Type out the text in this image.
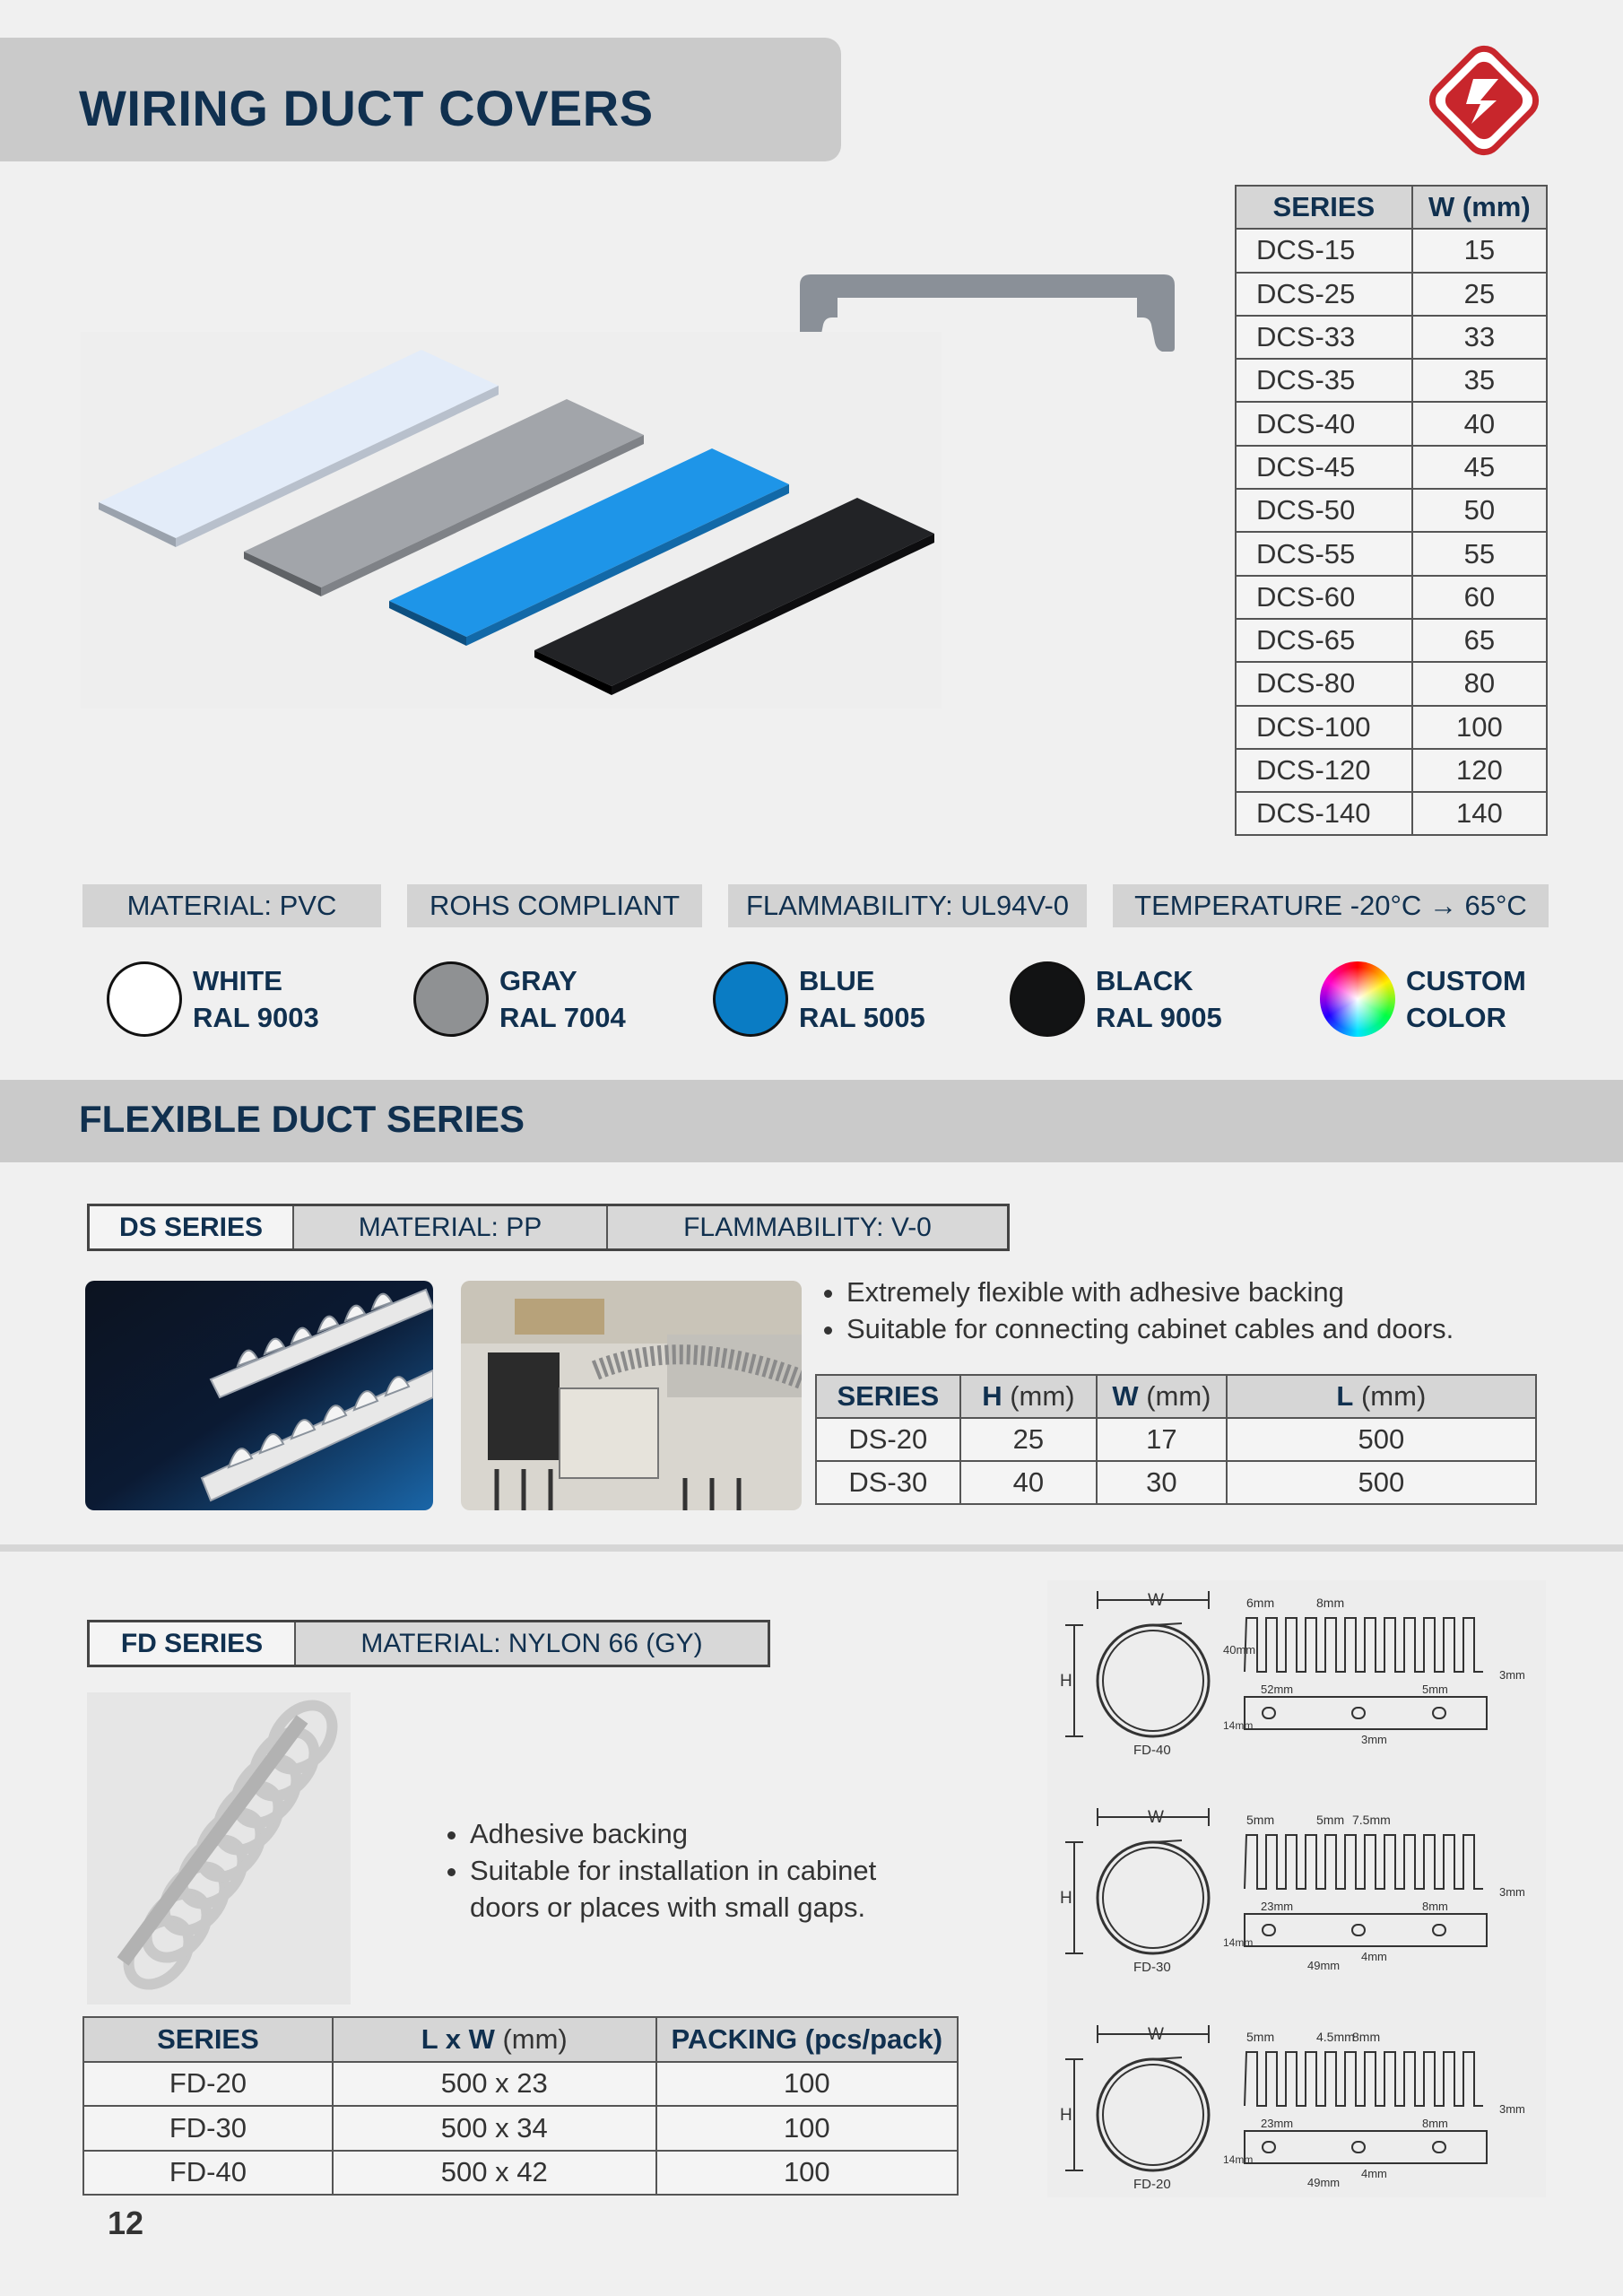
WIRING DUCT COVERS
SERIES	W (mm)
DCS-15	15
DCS-25	25
DCS-33	33
DCS-35	35
DCS-40	40
DCS-45	45
DCS-50	50
DCS-55	55
DCS-60	60
DCS-65	65
DCS-80	80
DCS-100	100
DCS-120	120
DCS-140	140
MATERIAL: PVC	ROHS COMPLIANT	FLAMMABILITY: UL94V-0	TEMPERATURE -20°C → 65°C
WHITE
RAL 9003
GRAY
RAL 7004
BLUE
RAL 5005
BLACK
RAL 9005
CUSTOM
COLOR
FLEXIBLE DUCT SERIES
DS SERIES	MATERIAL: PP	FLAMMABILITY: V-0
• Extremely flexible with adhesive backing
• Suitable for connecting cabinet cables and doors.
SERIES	H (mm)	W (mm)	L (mm)
DS-20	25	17	500
DS-30	40	30	500
FD SERIES	MATERIAL: NYLON 66 (GY)
• Adhesive backing
• Suitable for installation in cabinet doors or places with small gaps.
SERIES	L x W (mm)	PACKING (pcs/pack)
FD-20	500 x 23	100
FD-30	500 x 34	100
FD-40	500 x 42	100
W
H
FD-40
6mm	8mm
3mm
14mm
52mm	5mm
3mm
40mm
W
H
FD-30
5mm	5mm 7.5mm
3mm
14mm
23mm	8mm
4mm
49mm
W
H
FD-20
5mm	4.5mm
8mm
3mm
14mm
23mm	8mm
4mm
49mm
12
